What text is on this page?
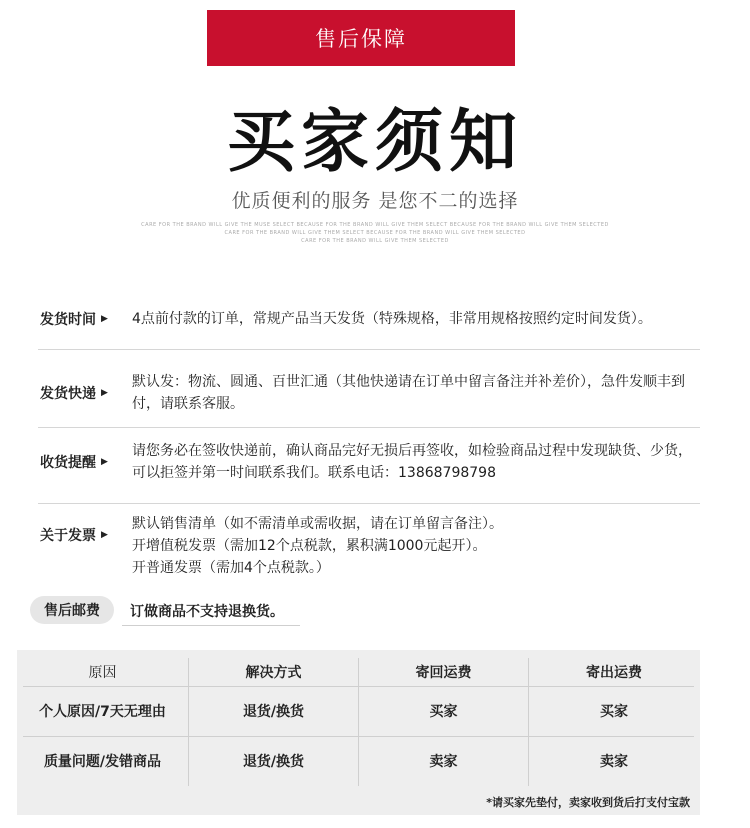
售后保障
买家须知
优质便利的服务 是您不二的选择
CARE FOR THE BRAND WILL GIVE THE MUSE SELECT BECAUSE FOR THE BRAND WILL GIVE THEM SELECT BECAUSE FOR THE BRAND WILL GIVE THEM SELECTED
CARE FOR THE BRAND WILL GIVE THEM SELECT BECAUSE FOR THE BRAND WILL GIVE THEM SELECTED
CARE FOR THE BRAND WILL GIVE THEM SELECTED
发货时间 ▶ 4点前付款的订单，常规产品当天发货（特殊规格，非常用规格按照约定时间发货）。
发货快递 ▶
默认发：物流、圆通、百世汇通（其他快递请在订单中留言备注并补差价），急件发顺丰到付，请联系客服。
收货提醒 ▶
请您务必在签收快递前，确认商品完好无损后再签收，如检验商品过程中发现缺货、少货，可以拒签并第一时间联系我们。联系电话：13868798798
关于发票 ▶
默认销售清单（如不需清单或需收据，请在订单留言备注）。
开增值税发票（需加12个点税款，累积满1000元起开）。
开普通发票（需加4个点税款。）
售后邮费	订做商品不支持退换货。
原因	解决方式	寄回运费	寄出运费
个人原因/7天无理由	退货/换货	买家	买家
质量问题/发错商品	退货/换货	卖家	卖家
*请买家先垫付，卖家收到货后打支付宝款
